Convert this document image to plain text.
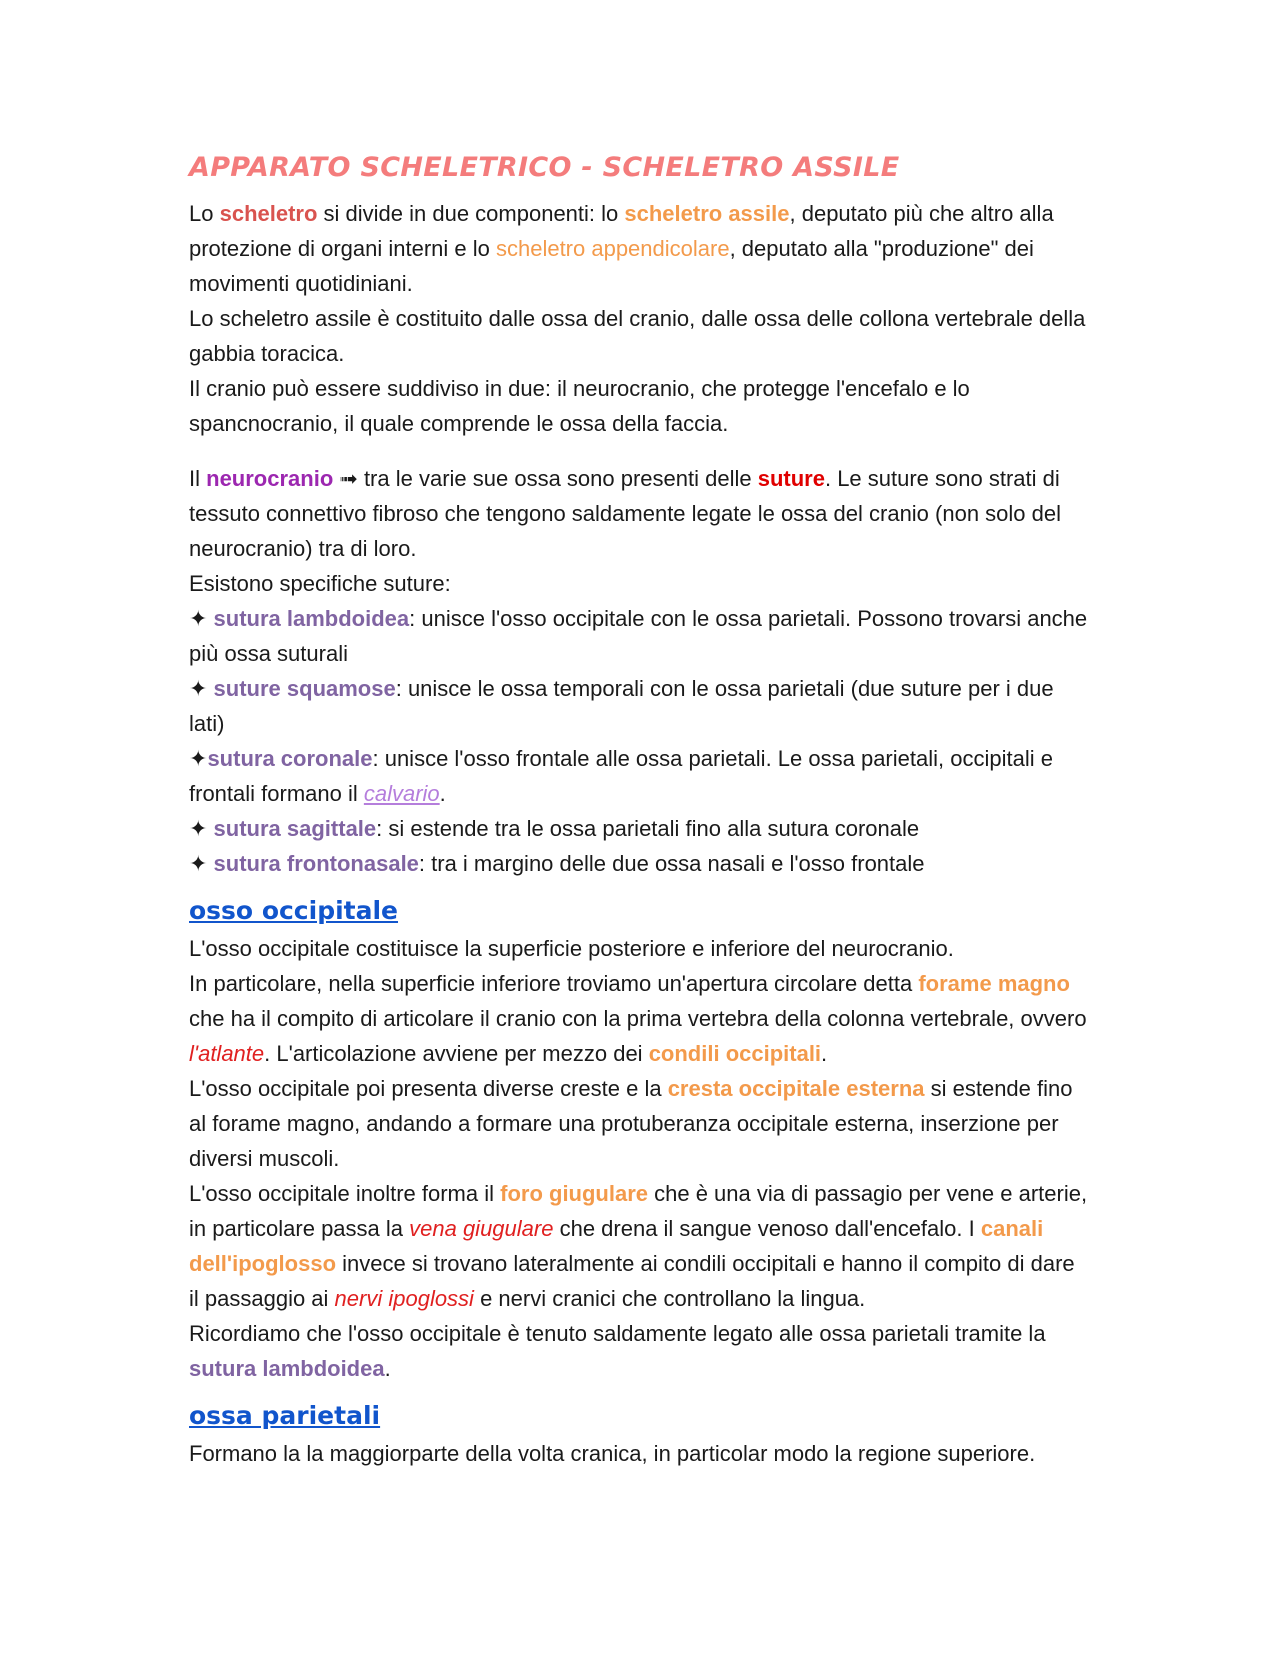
APPARATO SCHELETRICO - SCHELETRO ASSILE

Lo scheletro si divide in due componenti: lo scheletro assile, deputato più che altro alla protezione di organi interni e lo scheletro appendicolare, deputato alla "produzione" dei movimenti quotidiniani.

Lo scheletro assile è costituito dalle ossa del cranio, dalle ossa delle collona vertebrale della gabbia toracica.

Il cranio può essere suddiviso in due: il neurocranio, che protegge l'encefalo e lo spancnocranio, il quale comprende le ossa della faccia.

Il neurocranio ➟ tra le varie sue ossa sono presenti delle suture. Le suture sono strati di tessuto connettivo fibroso che tengono saldamente legate le ossa del cranio (non solo del neurocranio) tra di loro.

Esistono specifiche suture:

✦ sutura lambdoidea: unisce l'osso occipitale con le ossa parietali. Possono trovarsi anche più ossa suturali

✦ suture squamose: unisce le ossa temporali con le ossa parietali (due suture per i due lati)

✦sutura coronale: unisce l'osso frontale alle ossa parietali. Le ossa parietali, occipitali e frontali formano il calvario.

✦ sutura sagittale: si estende tra le ossa parietali fino alla sutura coronale

✦ sutura frontonasale: tra i margino delle due ossa nasali e l'osso frontale

osso occipitale

L'osso occipitale costituisce la superficie posteriore e inferiore del neurocranio.

In particolare, nella superficie inferiore troviamo un'apertura circolare detta forame magno che ha il compito di articolare il cranio con la prima vertebra della colonna vertebrale, ovvero l'atlante. L'articolazione avviene per mezzo dei condili occipitali.

L'osso occipitale poi presenta diverse creste e la cresta occipitale esterna si estende fino al forame magno, andando a formare una protuberanza occipitale esterna, inserzione per diversi muscoli.

L'osso occipitale inoltre forma il foro giugulare che è una via di passagio per vene e arterie, in particolare passa la vena giugulare che drena il sangue venoso dall'encefalo. I canali dell'ipoglosso invece si trovano lateralmente ai condili occipitali e hanno il compito di dare il passaggio ai nervi ipoglossi e nervi cranici che controllano la lingua.

Ricordiamo che l'osso occipitale è tenuto saldamente legato alle ossa parietali tramite la sutura lambdoidea.

ossa parietali

Formano la la maggiorparte della volta cranica, in particolar modo la regione superiore.
